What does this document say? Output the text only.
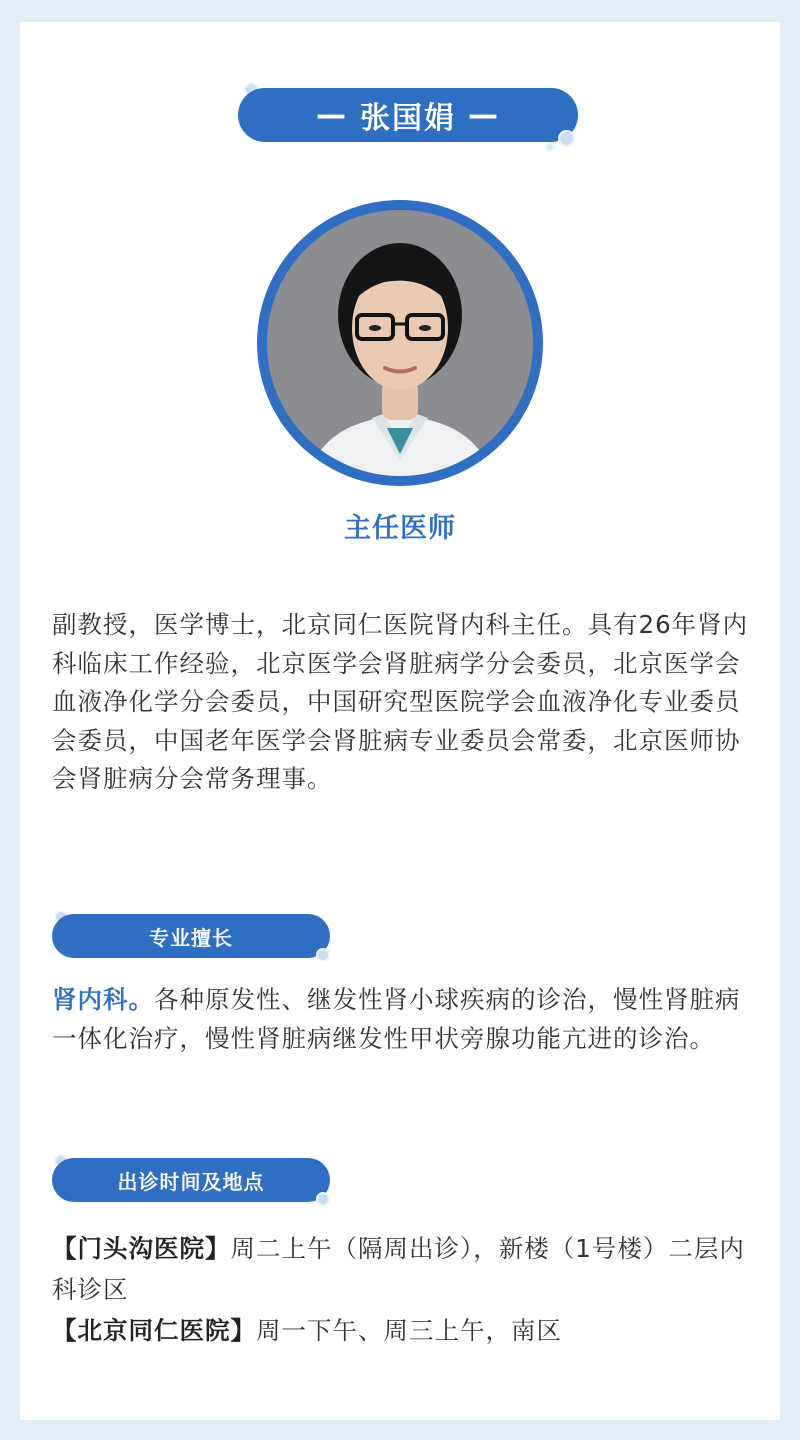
— 张国娟 —
主任医师
副教授，医学博士，北京同仁医院肾内科主任。具有26年肾内科临床工作经验，北京医学会肾脏病学分会委员，北京医学会血液净化学分会委员，中国研究型医院学会血液净化专业委员会委员，中国老年医学会肾脏病专业委员会常委，北京医师协会肾脏病分会常务理事。
专业擅长
肾内科。各种原发性、继发性肾小球疾病的诊治，慢性肾脏病一体化治疗，慢性肾脏病继发性甲状旁腺功能亢进的诊治。
出诊时间及地点
【门头沟医院】周二上午（隔周出诊），新楼（1号楼）二层内科诊区
【北京同仁医院】周一下午、周三上午，南区
